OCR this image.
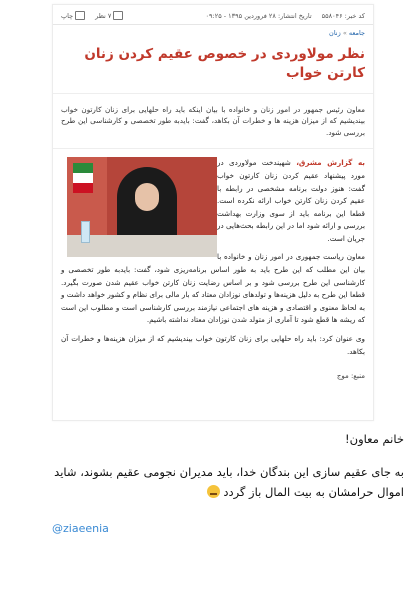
کد خبر: ۵۵۸۰۴۶
تاریخ انتشار: ۲۸ فروردین ۱۳۹۵ - ۰۹:۲۵
۷ نظر
چاپ
جامعه » زنان
نظر مولاوردی در خصوص عقیم کردن زنان کارتن خواب
معاون رئیس جمهور در امور زنان و خانواده با بیان اینکه باید راه حلهایی برای زنان کارتون خواب بیندیشیم که از میزان هزینه ها و خطرات آن بکاهد، گفت: بایدبه طور تخصصی و کارشناسی این طرح بررسی شود.

به گزارش مشرق، شهیندخت مولاوردی در مورد پیشنهاد عقیم کردن زنان کارتون خواب گفت: هنوز دولت برنامه مشخصی در رابطه با عقیم کردن زنان کارتن خواب ارائه نکرده است. قطعا این برنامه باید از سوی وزارت بهداشت بررسی و ارائه شود اما در این رابطه بحث‌هایی در جریان است.

معاون ریاست جمهوری در امور زنان و خانواده با بیان این مطلب که این طرح باید به طور اساس برنامه‌ریزی شود، گفت: بایدبه طور تخصصی و کارشناسی این طرح بررسی شود و بر اساس رضایت زنان کارتن خواب عقیم شدن صورت بگیرد. قطعا این طرح به دلیل هزینه‌ها و تولدهای نوزادان معتاد که بار مالی برای نظام و کشور خواهد داشت و به لحاظ معنوی و اقتصادی و هزینه های اجتماعی نیازمند بررسی کارشناسی است و مطلوب این است که ریشه ها قطع شود تا آماری از متولد شدن نوزادان معتاد نداشته باشیم.

وی عنوان کرد: باید راه حلهایی برای زنان کارتون خواب بیندیشیم که از میزان هزینه‌ها و خطرات آن بکاهد.

منبع: موج
خانم معاون!
به جای عقیم سازی این بندگان خدا، باید مدیران نجومی عقیم بشوند، شاید اموال حرامشان به بیت المال باز گردد
@ziaeenia
